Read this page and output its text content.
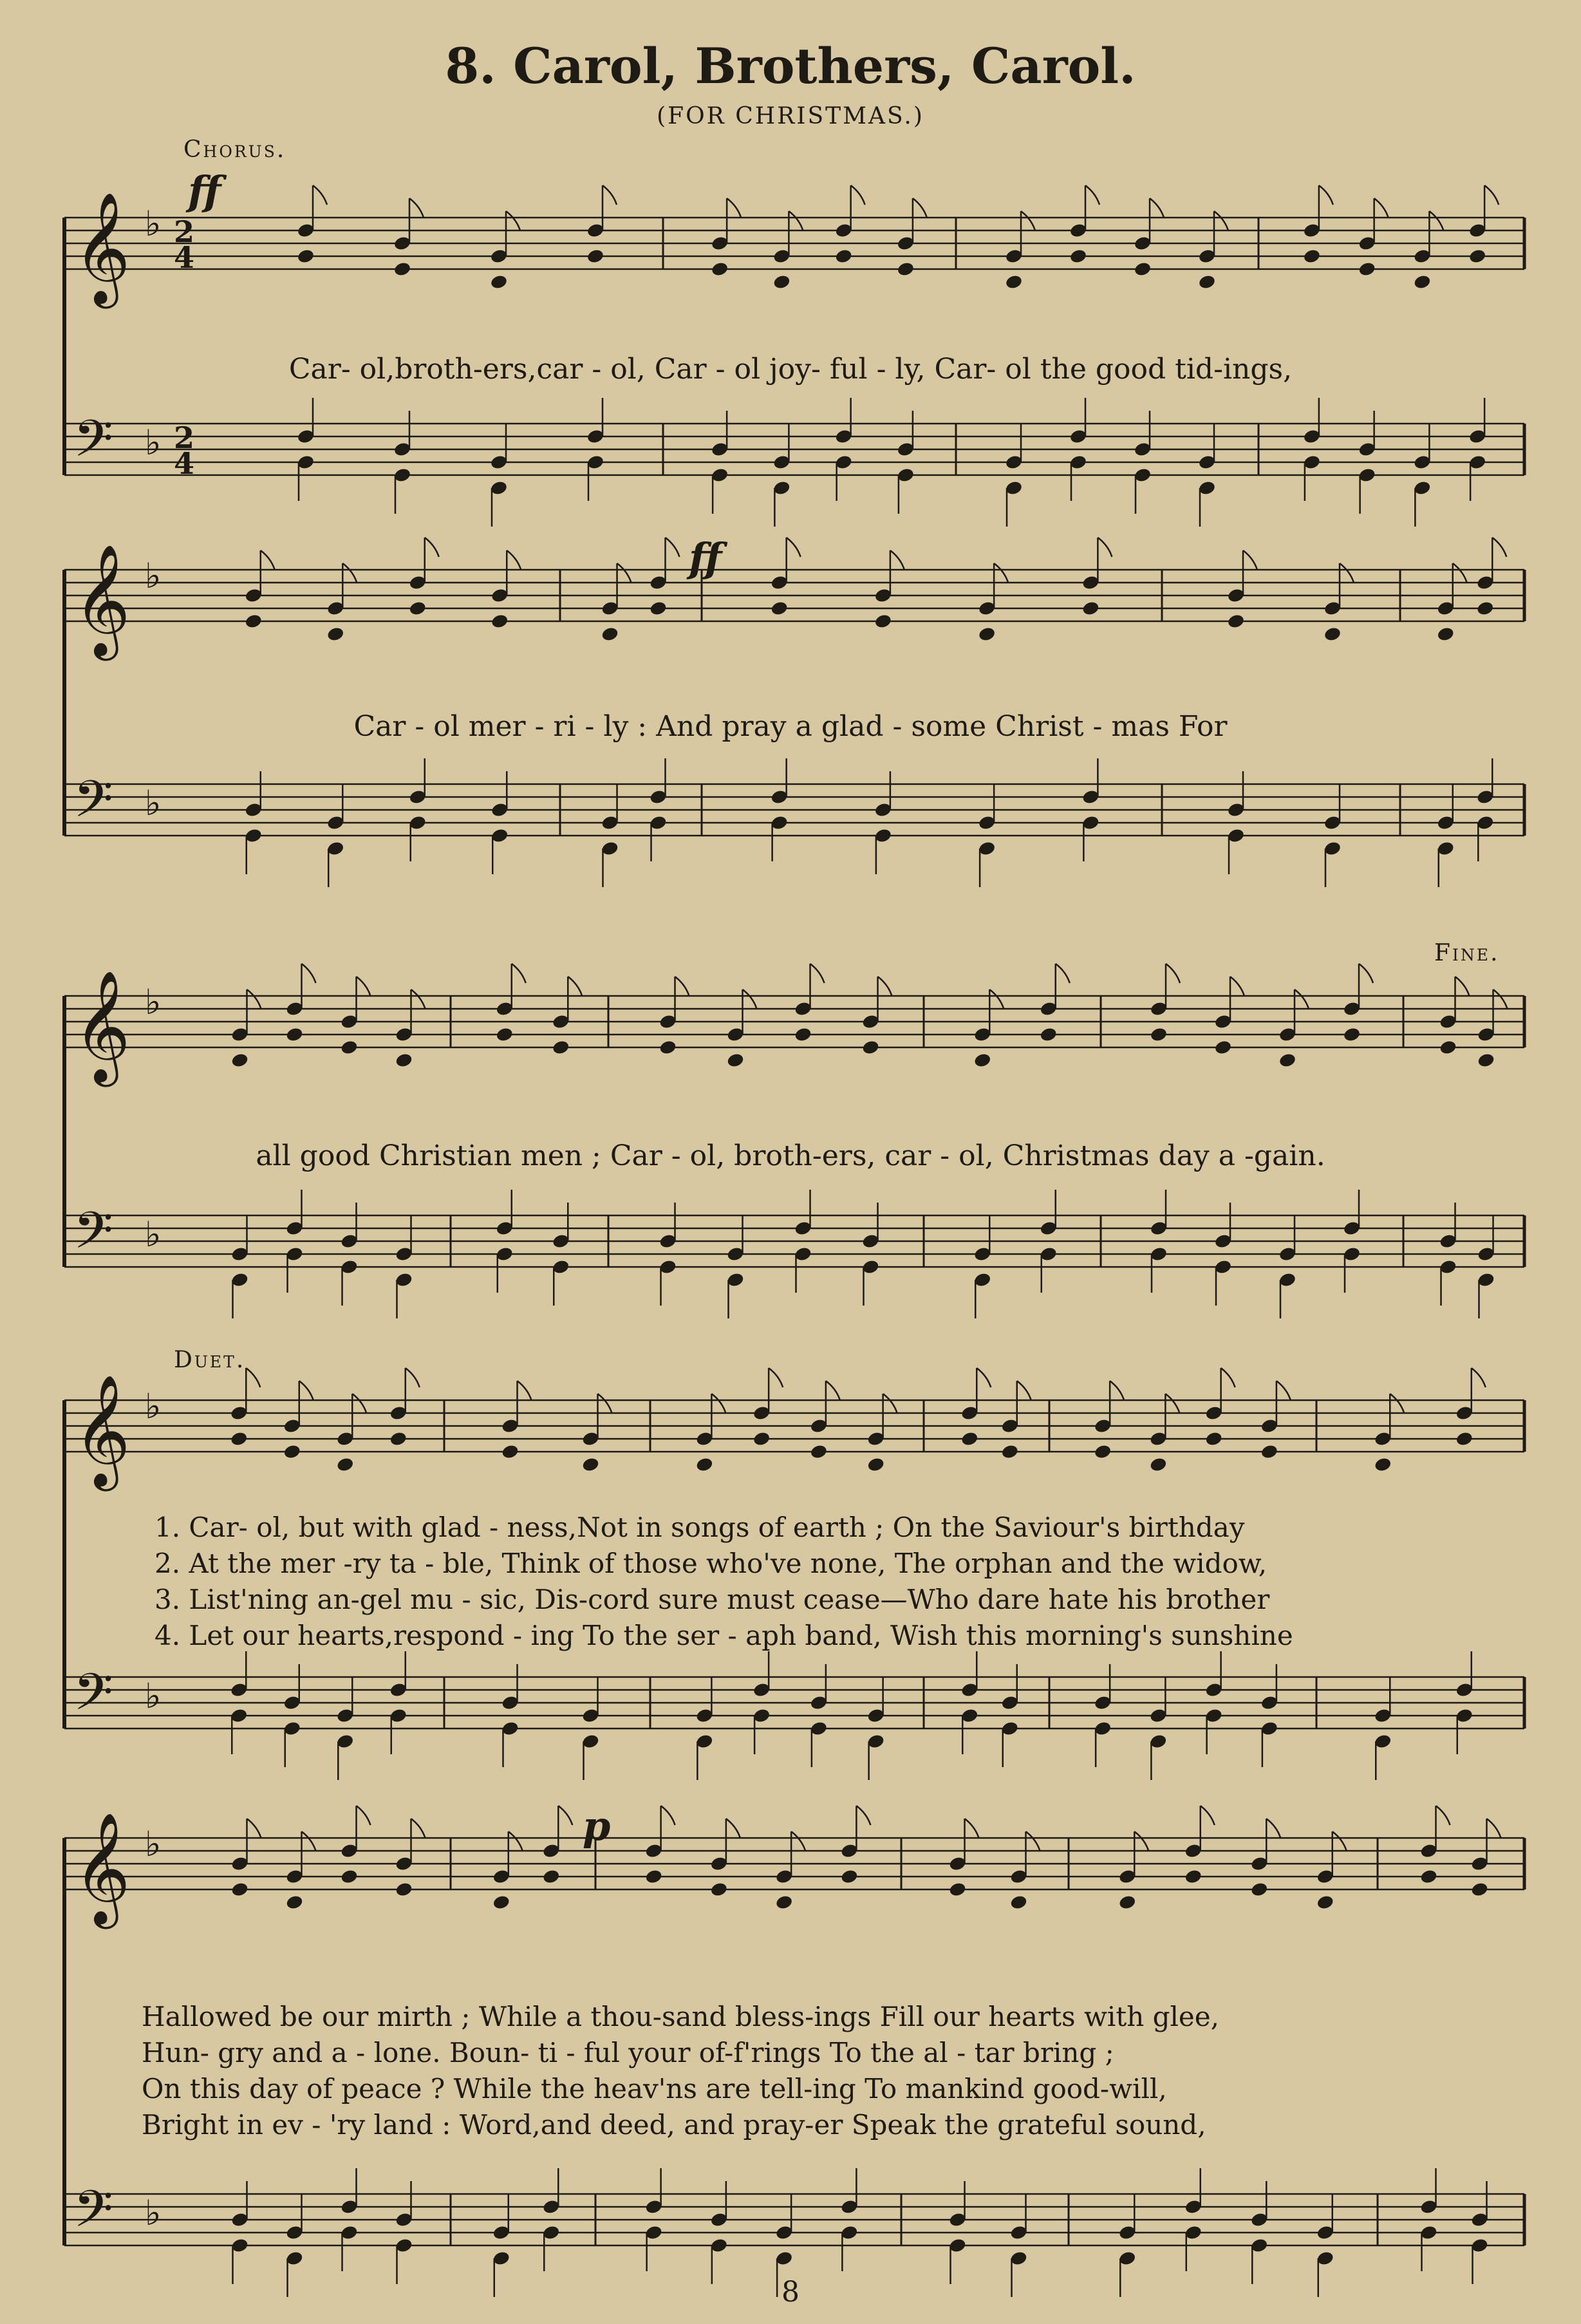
8. Carol, Brothers, Carol.
(FOR CHRISTMAS.)
Chorus.
Fine.
Duet.
ff
ff
p
Car- ol,broth-ers,car - ol, Car - ol joy- ful - ly, Car- ol the good tid-ings,
Car - ol mer - ri - ly : And pray a glad - some Christ - mas For
all good Christian men ; Car - ol, broth-ers, car - ol, Christmas day a -gain.
1. Car- ol, but with glad - ness,Not in songs of earth ; On the Saviour's birthday
2. At the mer -ry ta - ble, Think of those who've none, The orphan and the widow,
3. List'ning an-gel mu - sic, Dis-cord sure must cease—Who dare hate his brother
4. Let our hearts,respond - ing To the ser - aph band, Wish this morning's sunshine
Hallowed be our mirth ; While a thou-sand bless-ings Fill our hearts with glee,
Hun- gry and a - lone. Boun- ti - ful your of-f'rings To the al - tar bring ;
On this day of peace ? While the heav'ns are tell-ing To mankind good-will,
Bright in ev - 'ry land : Word,and deed, and pray-er Speak the grateful sound,
8
𝄞 ♭ 2
4
𝄢 ♭ 2
4
𝄞 ♭
𝄢 ♭
𝄞 ♭
𝄢 ♭
𝄞 ♭
𝄢 ♭
𝄞 ♭
𝄢 ♭
